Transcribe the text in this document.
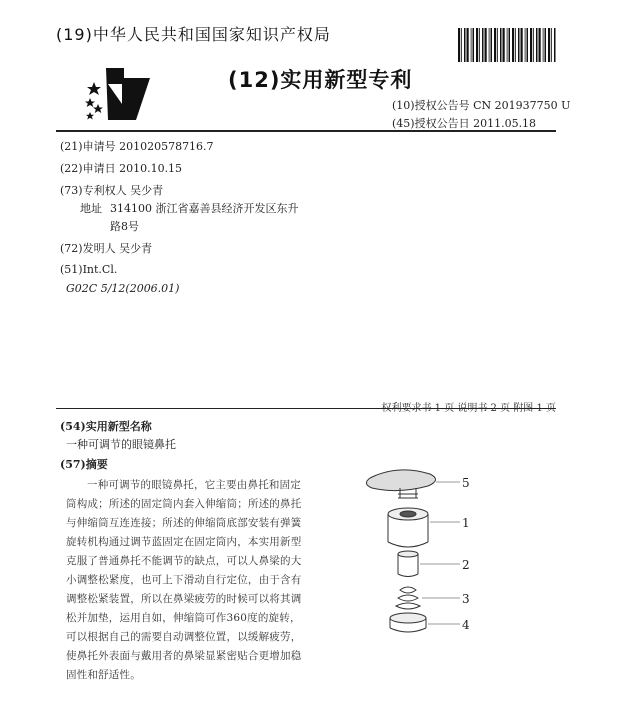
(19)中华人民共和国国家知识产权局
(12)实用新型专利
(10)授权公告号 CN 201937750 U
(45)授权公告日 2011.05.18
(21)申请号 201020578716.7
(22)申请日 2010.10.15
(73)专利权人 吴少青
地址 314100 浙江省嘉善县经济开发区东升
路8号
(72)发明人 吴少青
(51)Int.Cl.
G02C 5/12(2006.01)
权利要求书 1 页 说明书 2 页 附图 1 页
(54)实用新型名称
一种可调节的眼镜鼻托
(57)摘要
一种可调节的眼镜鼻托，它主要由鼻托和固定筒构成；所述的固定筒内套入伸缩筒；所述的鼻托与伸缩筒互连连接；所述的伸缩筒底部安装有弹簧旋转机构通过调节蓝固定在固定筒内，本实用新型克服了普通鼻托不能调节的缺点，可以人鼻梁的大小调整松紧度，也可上下滑动自行定位，由于含有调整松紧装置，所以在鼻梁疲劳的时候可以将其调松并加垫，运用自如，伸缩筒可作360度的旋转，可以根据自己的需要自动调整位置，以缓解疲劳，使鼻托外表面与戴用者的鼻梁显紧密贴合更增加稳固性和舒适性。
5
1
2
3
4
